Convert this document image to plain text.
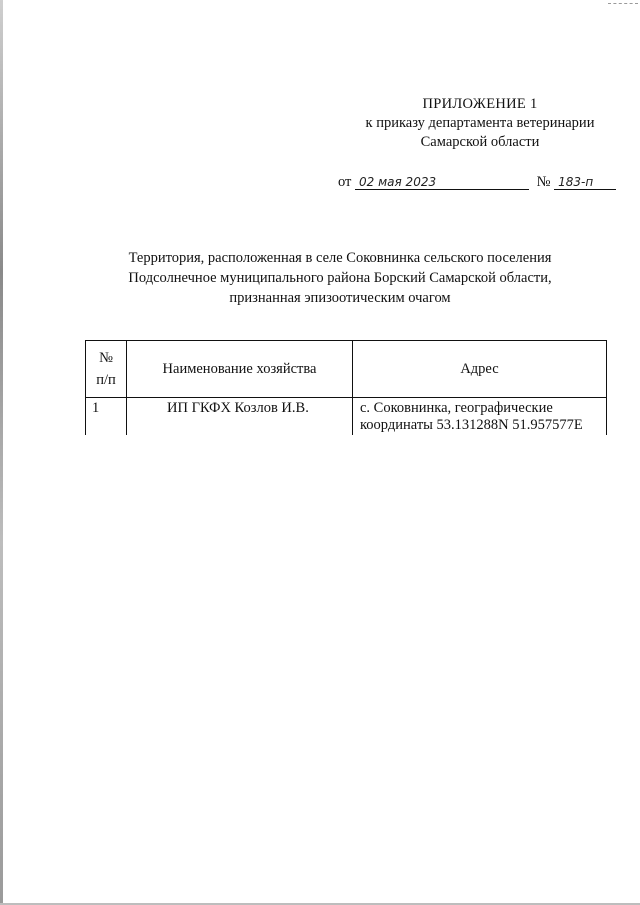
ПРИЛОЖЕНИЕ 1
к приказу департамента ветеринарии
Самарской области
от 02 мая 2023	№ 183-п
Территория, расположенная в селе Соковнинка сельского поселения
Подсолнечное муниципального района Борский Самарской области,
признанная эпизоотическим очагом
№
п/п	Наименование хозяйства	Адрес
1	ИП ГКФХ Козлов И.В.	с. Соковнинка, географические
координаты 53.131288N 51.957577E
